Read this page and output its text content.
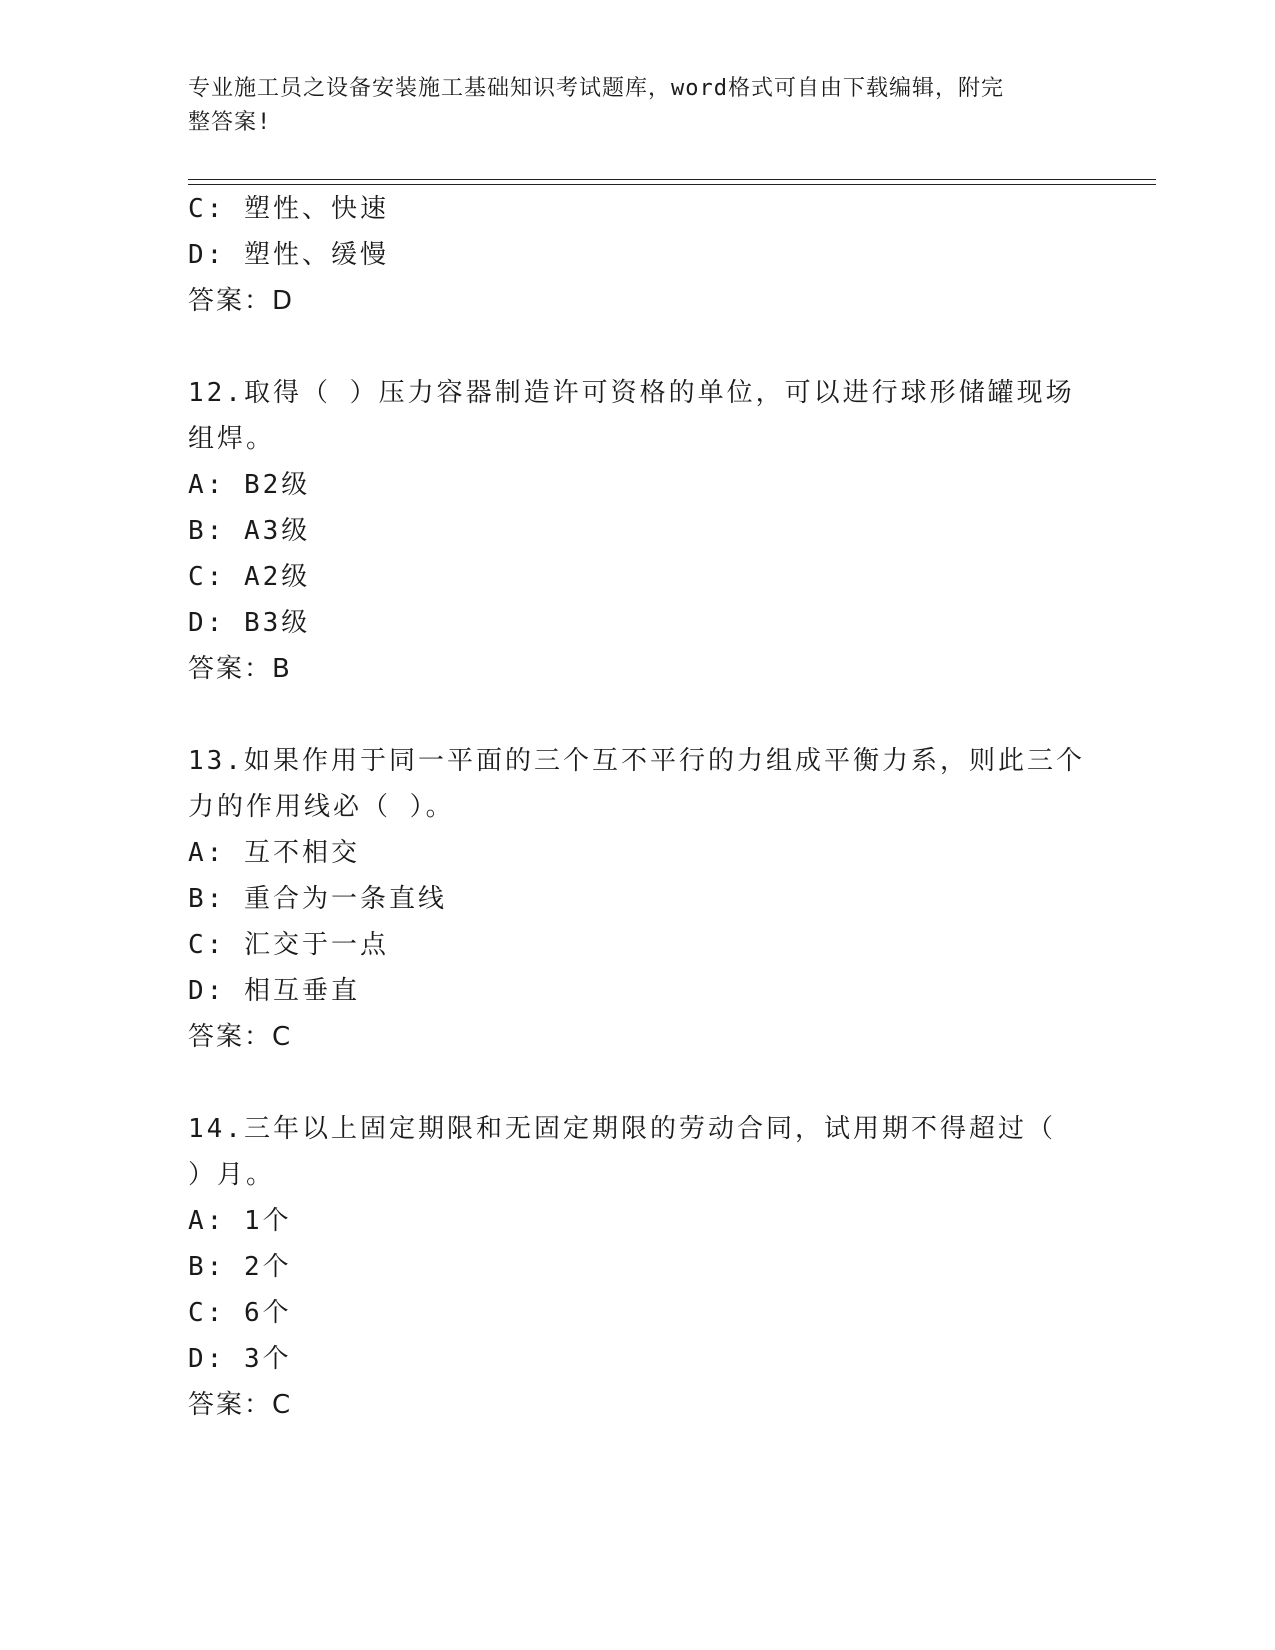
专业施工员之设备安装施工基础知识考试题库，word格式可自由下载编辑，附完
整答案!
C: 塑性、快速
D: 塑性、缓慢
答案：D
12.取得（ ）压力容器制造许可资格的单位，可以进行球形储罐现场
组焊。
A: B2级
B: A3级
C: A2级
D: B3级
答案：B
13.如果作用于同一平面的三个互不平行的力组成平衡力系，则此三个
力的作用线必（ ）。
A: 互不相交
B: 重合为一条直线
C: 汇交于一点
D: 相互垂直
答案：C
14.三年以上固定期限和无固定期限的劳动合同，试用期不得超过（
）月。
A: 1个
B: 2个
C: 6个
D: 3个
答案：C
